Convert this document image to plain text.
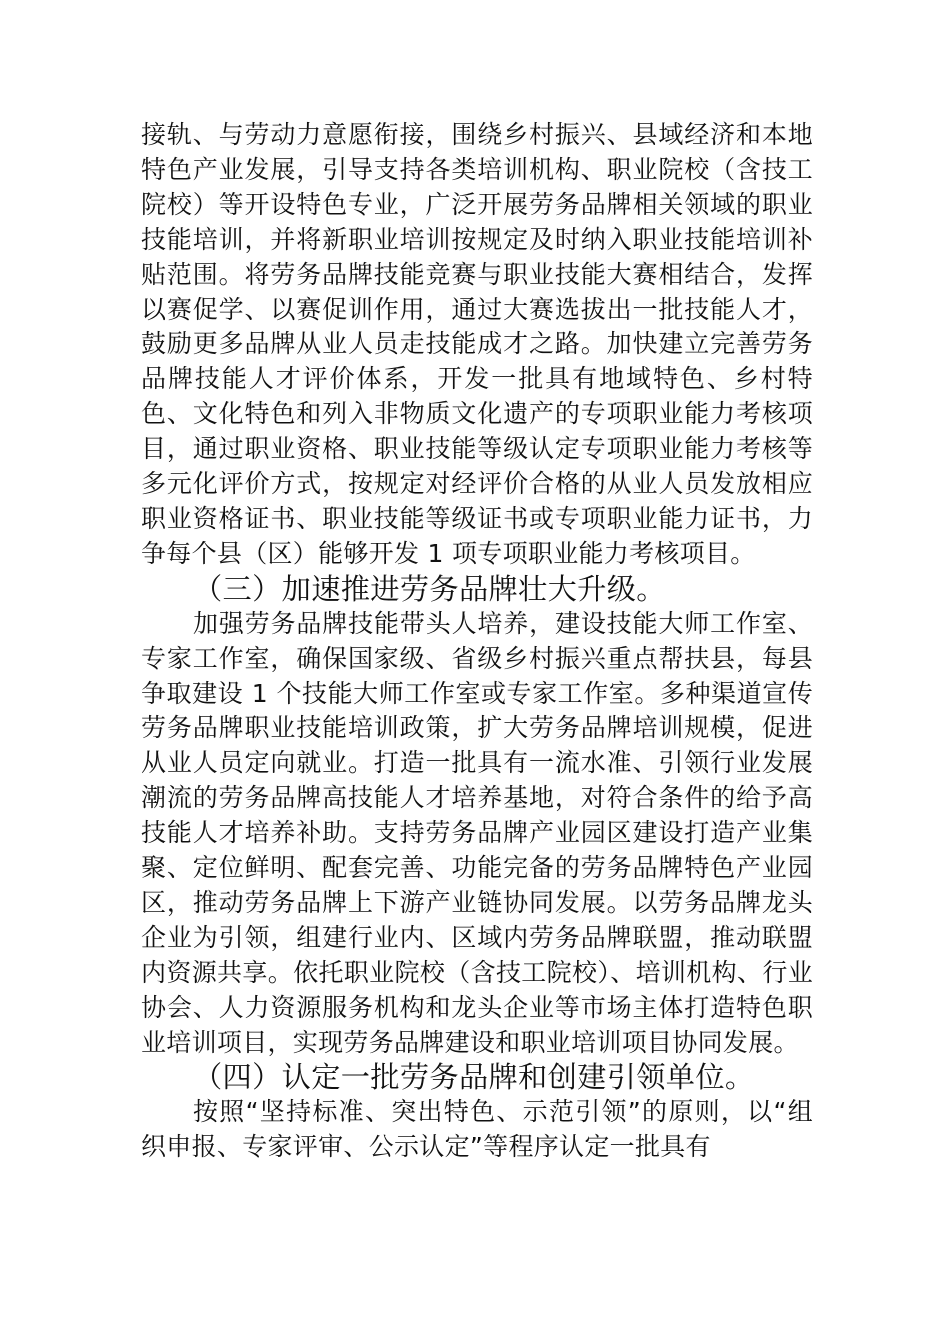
接轨、与劳动力意愿衔接，围绕乡村振兴、县域经济和本地特色产业发展，引导支持各类培训机构、职业院校（含技工院校）等开设特色专业，广泛开展劳务品牌相关领域的职业技能培训，并将新职业培训按规定及时纳入职业技能培训补贴范围。将劳务品牌技能竞赛与职业技能大赛相结合，发挥以赛促学、以赛促训作用，通过大赛选拔出一批技能人才，鼓励更多品牌从业人员走技能成才之路。加快建立完善劳务品牌技能人才评价体系，开发一批具有地域特色、乡村特色、文化特色和列入非物质文化遗产的专项职业能力考核项目，通过职业资格、职业技能等级认定专项职业能力考核等多元化评价方式，按规定对经评价合格的从业人员发放相应职业资格证书、职业技能等级证书或专项职业能力证书，力争每个县（区）能够开发 1 项专项职业能力考核项目。

（三）加速推进劳务品牌壮大升级。

加强劳务品牌技能带头人培养，建设技能大师工作室、专家工作室，确保国家级、省级乡村振兴重点帮扶县，每县争取建设 1 个技能大师工作室或专家工作室。多种渠道宣传劳务品牌职业技能培训政策，扩大劳务品牌培训规模，促进从业人员定向就业。打造一批具有一流水准、引领行业发展潮流的劳务品牌高技能人才培养基地，对符合条件的给予高技能人才培养补助。支持劳务品牌产业园区建设打造产业集聚、定位鲜明、配套完善、功能完备的劳务品牌特色产业园区，推动劳务品牌上下游产业链协同发展。以劳务品牌龙头企业为引领，组建行业内、区域内劳务品牌联盟，推动联盟内资源共享。依托职业院校（含技工院校）、培训机构、行业协会、人力资源服务机构和龙头企业等市场主体打造特色职业培训项目，实现劳务品牌建设和职业培训项目协同发展。

（四）认定一批劳务品牌和创建引领单位。

按照“坚持标准、突出特色、示范引领”的原则，以“组织申报、专家评审、公示认定”等程序认定一批具有
